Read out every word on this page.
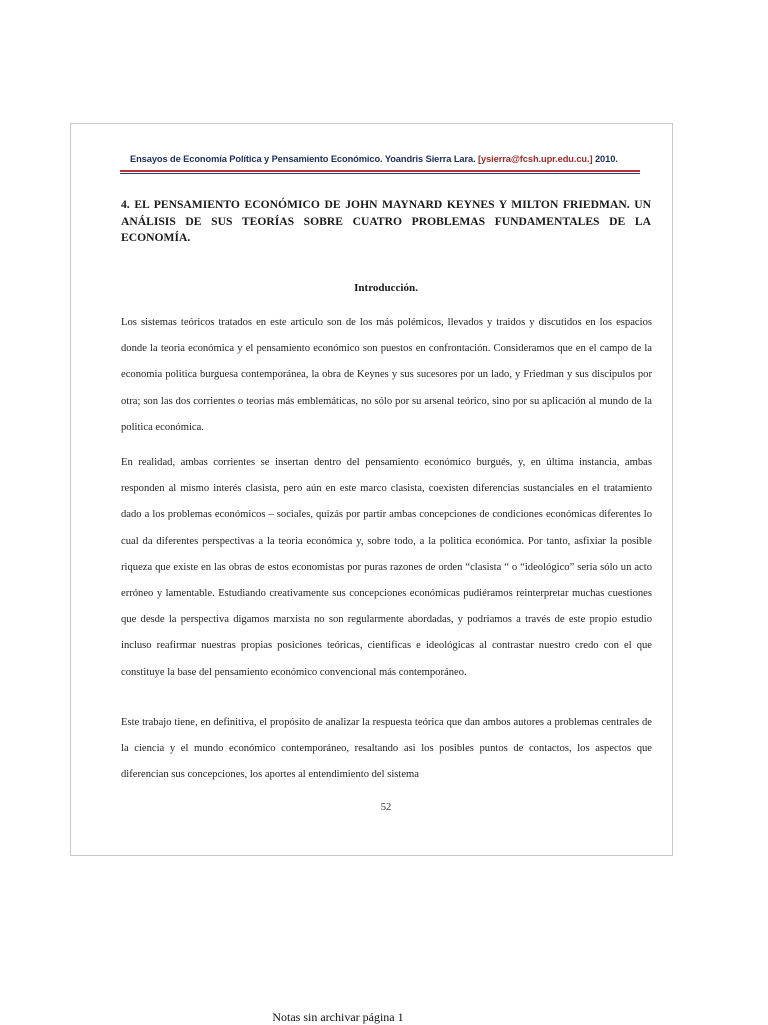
Ensayos de Economía Política y Pensamiento Económico. Yoandris Sierra Lara. [ysierra@fcsh.upr.edu.cu.] 2010.
4. EL PENSAMIENTO ECONÓMICO DE JOHN MAYNARD KEYNES Y MILTON FRIEDMAN. UN ANÁLISIS DE SUS TEORÍAS SOBRE CUATRO PROBLEMAS FUNDAMENTALES DE LA ECONOMÍA.
Introducción.

Los sistemas teóricos tratados en este articulo son de los más polémicos, llevados y traidos y discutidos en los espacios donde la teoria económica y el pensamiento económico son puestos en confrontación. Consideramos que en el campo de la economia politica burguesa contemporánea, la obra de Keynes y sus sucesores por un lado, y Friedman y sus discipulos por otra; son las dos corrientes o teorias más emblemáticas, no sólo por su arsenal teórico, sino por su aplicación al mundo de la politica económica.

En realidad, ambas corrientes se insertan dentro del pensamiento económico burgués, y, en última instancia, ambas responden al mismo interés clasista, pero aún en este marco clasista, coexisten diferencias sustanciales en el tratamiento dado a los problemas económicos – sociales, quizás por partir ambas concepciones de condiciones económicas diferentes lo cual da diferentes perspectivas a la teoria económica y, sobre todo, a la politica económica. Por tanto, asfixiar la posible riqueza que existe en las obras de estos economistas por puras razones de orden “clasista “ o “ideológico” seria sólo un acto erróneo y lamentable. Estudiando creativamente sus concepciones económicas pudiéramos reinterpretar muchas cuestiones que desde la perspectiva digamos marxista no son regularmente abordadas, y podriamos a través de este propio estudio incluso reafirmar nuestras propias posiciones teóricas, cientificas e ideológicas al contrastar nuestro credo con el que constituye la base del pensamiento económico convencional más contemporáneo.

Este trabajo tiene, en definitiva, el propósito de analizar la respuesta teórica que dan ambos autores a problemas centrales de la ciencia y el mundo económico contemporáneo, resaltando asi los posibles puntos de contactos, los aspectos que diferencian sus concepciones, los aportes al entendimiento del sistema

52
Notas sin archivar página 1
